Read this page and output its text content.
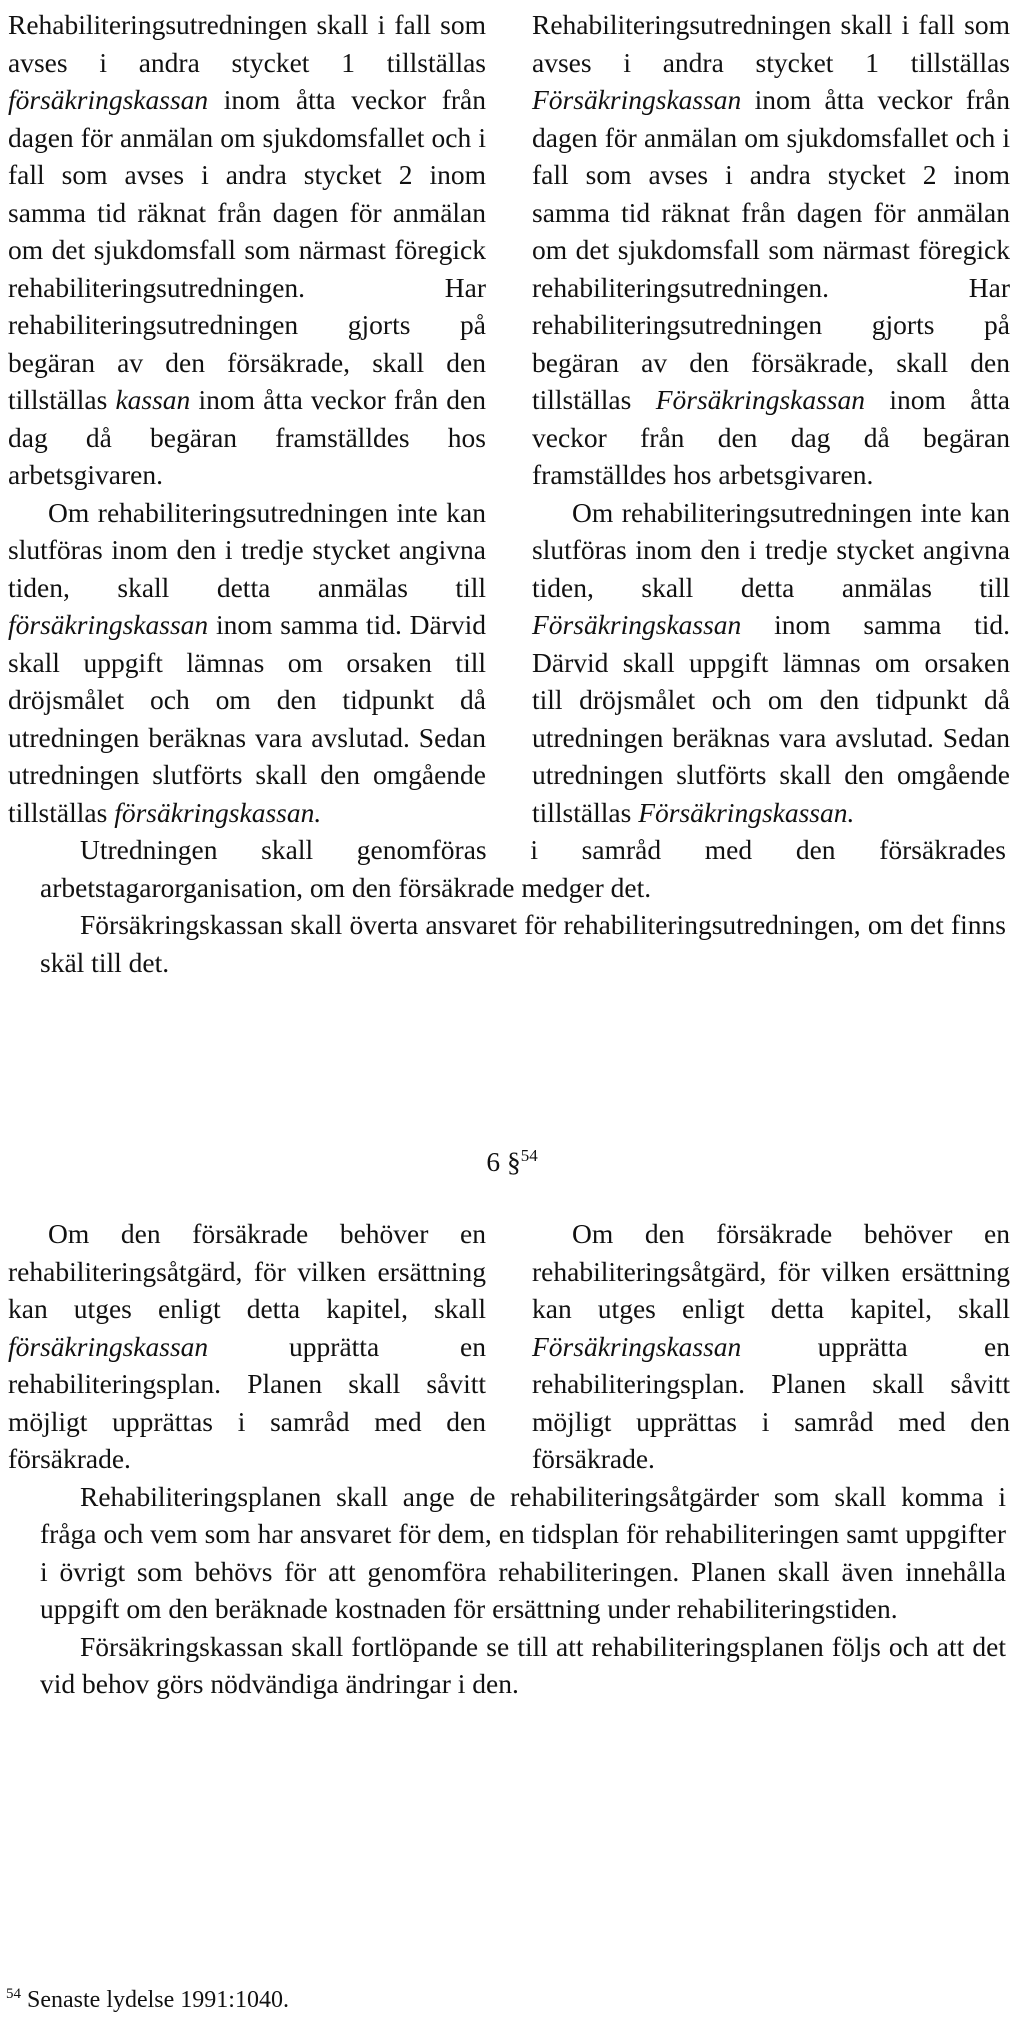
Rehabiliteringsutredningen skall i fall som avses i andra stycket 1 tillställas försäkringskassan inom åtta veckor från dagen för anmälan om sjukdomsfallet och i fall som avses i andra stycket 2 inom samma tid räknat från dagen för anmälan om det sjukdomsfall som närmast föregick rehabiliteringsutredningen. Har rehabiliteringsutredningen gjorts på begäran av den försäkrade, skall den tillställas kassan inom åtta veckor från den dag då begäran framställdes hos arbetsgivaren.

Om rehabiliteringsutredningen inte kan slutföras inom den i tredje stycket angivna tiden, skall detta anmälas till försäkringskassan inom samma tid. Därvid skall uppgift lämnas om orsaken till dröjsmålet och om den tidpunkt då utredningen beräknas vara avslutad. Sedan utredningen slutförts skall den omgående tillställas försäkringskassan.

Rehabiliteringsutredningen skall i fall som avses i andra stycket 1 tillställas Försäkringskassan inom åtta veckor från dagen för anmälan om sjukdomsfallet och i fall som avses i andra stycket 2 inom samma tid räknat från dagen för anmälan om det sjukdomsfall som närmast föregick rehabiliteringsutredningen. Har rehabiliteringsutredningen gjorts på begäran av den försäkrade, skall den tillställas Försäkringskassan inom åtta veckor från den dag då begäran framställdes hos arbetsgivaren.

Om rehabiliteringsutredningen inte kan slutföras inom den i tredje stycket angivna tiden, skall detta anmälas till Försäkringskassan inom samma tid. Därvid skall uppgift lämnas om orsaken till dröjsmålet och om den tidpunkt då utredningen beräknas vara avslutad. Sedan utredningen slutförts skall den omgående tillställas Försäkringskassan.

Utredningen skall genomföras i samråd med den försäkrades arbetstagarorganisation, om den försäkrade medger det.

Försäkringskassan skall överta ansvaret för rehabiliteringsutredningen, om det finns skäl till det.

6 §$^{54}$

Om den försäkrade behöver en rehabiliteringsåtgärd, för vilken ersättning kan utges enligt detta kapitel, skall försäkringskassan upprätta en rehabiliteringsplan. Planen skall såvitt möjligt upprättas i samråd med den försäkrade.

Om den försäkrade behöver en rehabiliteringsåtgärd, för vilken ersättning kan utges enligt detta kapitel, skall Försäkringskassan upprätta en rehabiliteringsplan. Planen skall såvitt möjligt upprättas i samråd med den försäkrade.

Rehabiliteringsplanen skall ange de rehabiliteringsåtgärder som skall komma i fråga och vem som har ansvaret för dem, en tidsplan för rehabiliteringen samt uppgifter i övrigt som behövs för att genomföra rehabiliteringen. Planen skall även innehålla uppgift om den beräknade kostnaden för ersättning under rehabiliteringstiden.

Försäkringskassan skall fortlöpande se till att rehabiliteringsplanen följs och att det vid behov görs nödvändiga ändringar i den.

$^{54}$ Senaste lydelse 1991:1040.
